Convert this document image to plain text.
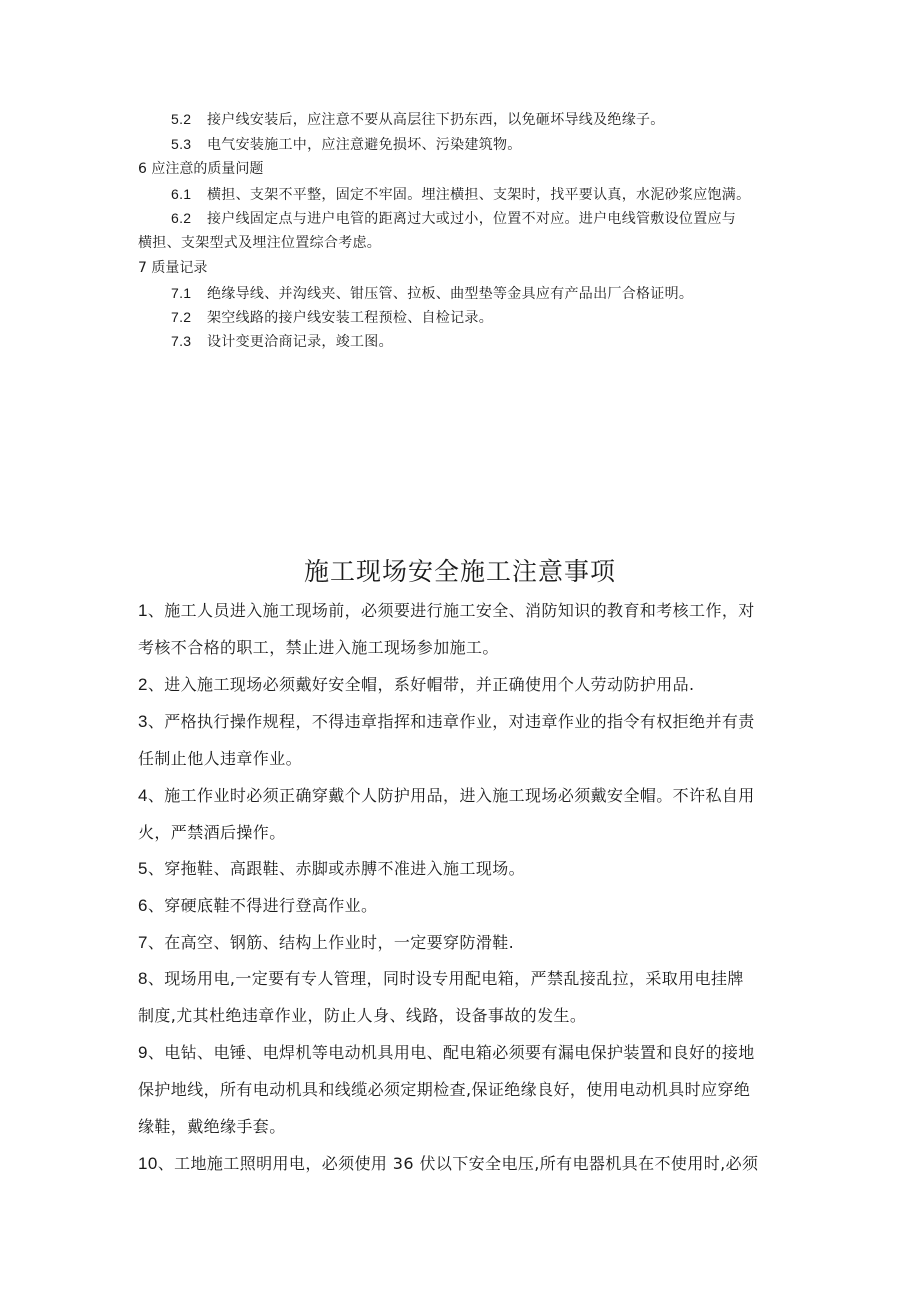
5.2 接户线安装后，应注意不要从高层往下扔东西，以免砸坏导线及绝缘子。
5.3 电气安装施工中，应注意避免损坏、污染建筑物。
6 应注意的质量问题
6.1 横担、支架不平整，固定不牢固。埋注横担、支架时，找平要认真，水泥砂浆应饱满。
6.2 接户线固定点与进户电管的距离过大或过小，位置不对应。进户电线管敷设位置应与
横担、支架型式及埋注位置综合考虑。
7 质量记录
7.1 绝缘导线、并沟线夹、钳压管、拉板、曲型垫等金具应有产品出厂合格证明。
7.2 架空线路的接户线安装工程预检、自检记录。
7.3 设计变更洽商记录，竣工图。
施工现场安全施工注意事项
1、施工人员进入施工现场前，必须要进行施工安全、消防知识的教育和考核工作，对
考核不合格的职工，禁止进入施工现场参加施工。
2、进入施工现场必须戴好安全帽，系好帽带，并正确使用个人劳动防护用品.
3、严格执行操作规程，不得违章指挥和违章作业，对违章作业的指令有权拒绝并有责
任制止他人违章作业。
4、施工作业时必须正确穿戴个人防护用品，进入施工现场必须戴安全帽。不许私自用
火，严禁酒后操作。
5、穿拖鞋、高跟鞋、赤脚或赤膊不准进入施工现场。
6、穿硬底鞋不得进行登高作业。
7、在高空、钢筋、结构上作业时，一定要穿防滑鞋.
8、现场用电,一定要有专人管理，同时设专用配电箱，严禁乱接乱拉，采取用电挂牌
制度,尤其杜绝违章作业，防止人身、线路，设备事故的发生。
9、电钻、电锤、电焊机等电动机具用电、配电箱必须要有漏电保护装置和良好的接地
保护地线，所有电动机具和线缆必须定期检查,保证绝缘良好，使用电动机具时应穿绝
缘鞋，戴绝缘手套。
10、工地施工照明用电，必须使用 36 伏以下安全电压,所有电器机具在不使用时,必须
